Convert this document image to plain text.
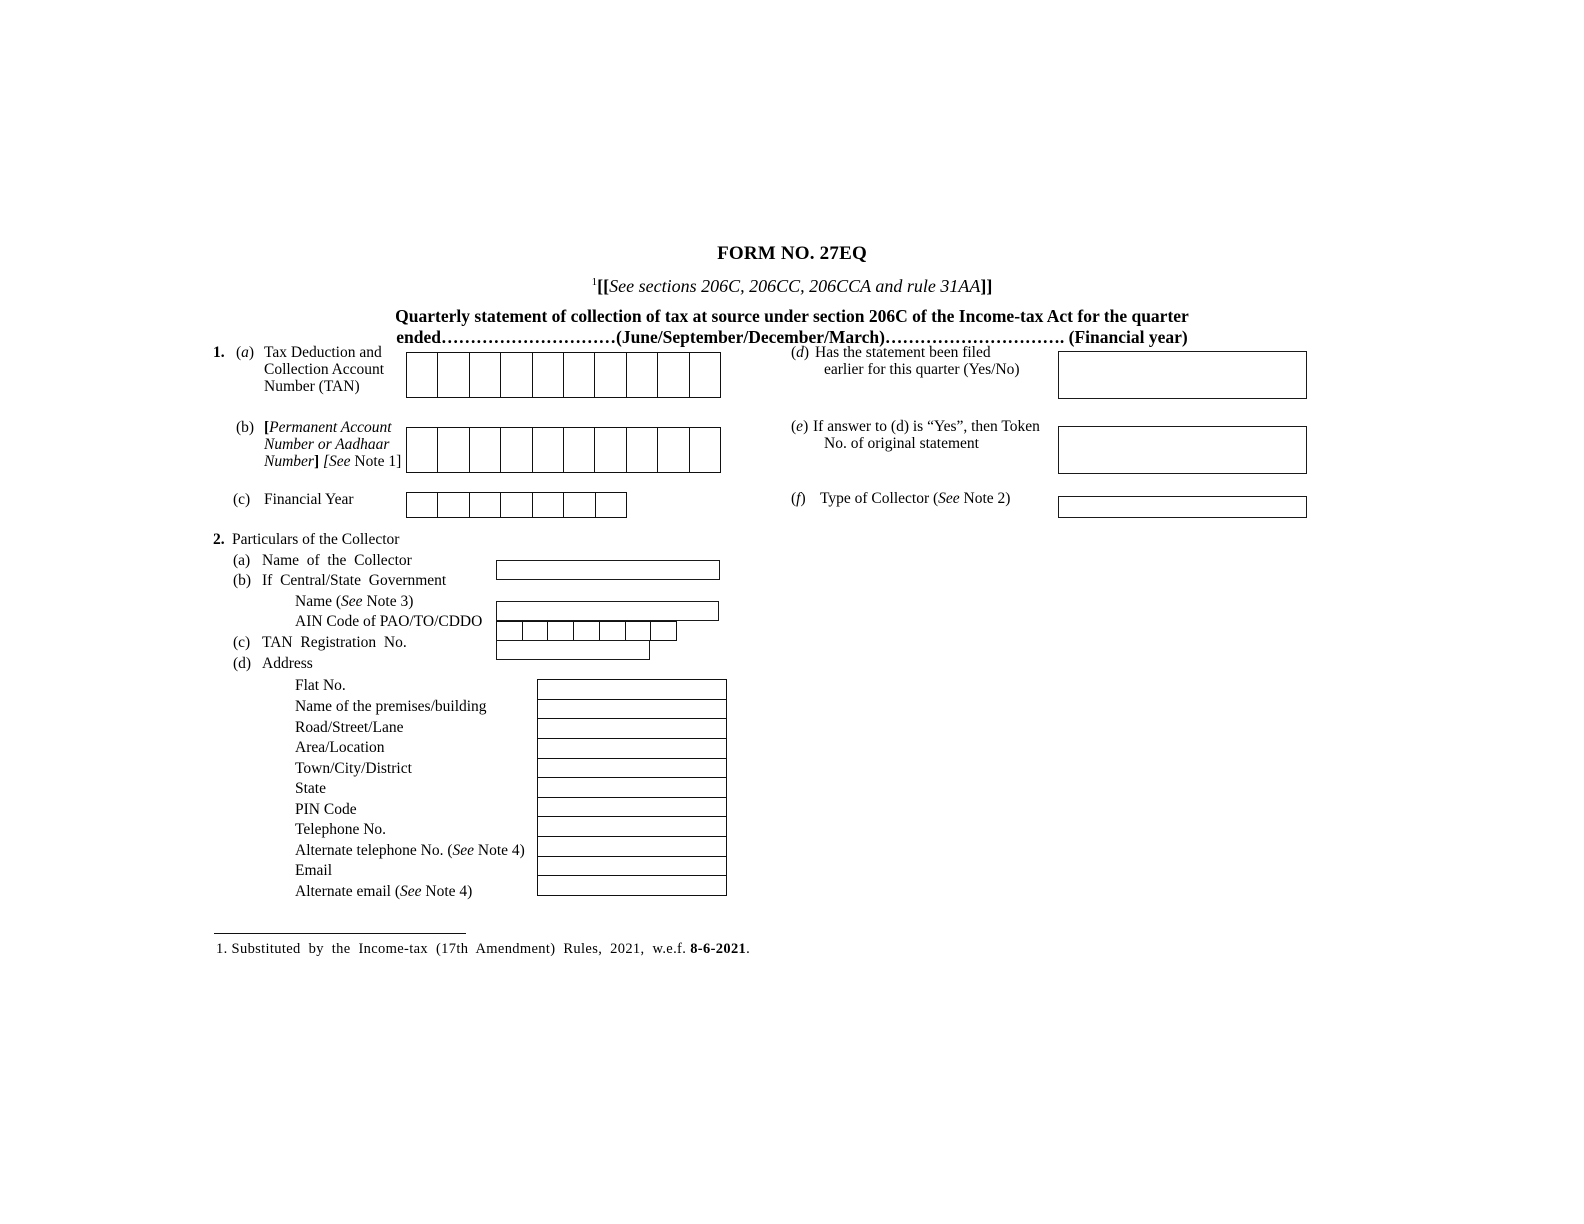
FORM NO. 27EQ
$^1$[[See sections 206C, 206CC, 206CCA and rule 31AA]]
Quarterly statement of collection of tax at source under section 206C of the Income-tax Act for the quarter
ended…………………………(June/September/December/March)…………………………. (Financial year)
1. (a) Tax Deduction and
Collection Account
Number (TAN)
(b) [Permanent Account
Number or Aadhaar
Number] [See Note 1]
(c) Financial Year
(d) Has the statement been filed
earlier for this quarter (Yes/No)
(e) If answer to (d) is “Yes”, then Token
No. of original statement
(f) Type of Collector (See Note 2)
2. Particulars of the Collector
(a) Name  of  the  Collector
(b) If  Central/State  Government
Name (See Note 3)
AIN Code of PAO/TO/CDDO
(c) TAN  Registration  No.
(d) Address
Flat No.
Name of the premises/building
Road/Street/Lane
Area/Location
Town/City/District
State
PIN Code
Telephone No.
Alternate telephone No. (See Note 4)
Email
Alternate email (See Note 4)
1. Substituted  by  the  Income-tax  (17th  Amendment)  Rules,  2021,  w.e.f. 8-6-2021.
